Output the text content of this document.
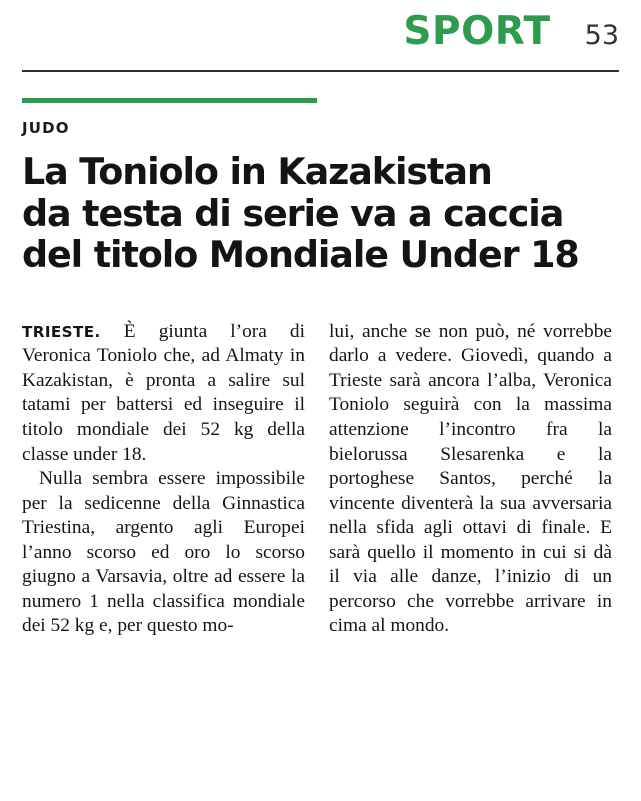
SPORT 53
JUDO
La Toniolo in Kazakistan
da testa di serie va a caccia
del titolo Mondiale Under 18

TRIESTE. È giunta l’ora di Veronica Toniolo che, ad Almaty in Kazakistan, è pronta a salire sul tatami per battersi ed inseguire il titolo mondiale dei 52 kg della classe under 18.

Nulla sembra essere impossibile per la sedicenne della Ginnastica Triestina, argento agli Europei l’anno scorso ed oro lo scorso giugno a Varsavia, oltre ad essere la numero 1 nella classifica mondiale dei 52 kg e, per questo mo-

lui, anche se non può, né vorrebbe darlo a vedere. Giovedì, quando a Trieste sarà ancora l’alba, Veronica Toniolo seguirà con la massima attenzione l’incontro fra la bielorussa Slesarenka e la portoghese Santos, perché la vincente diventerà la sua avversaria nella sfida agli ottavi di finale. E sarà quello il momento in cui si dà il via alle danze, l’inizio di un percorso che vorrebbe arrivare in cima al mondo.
